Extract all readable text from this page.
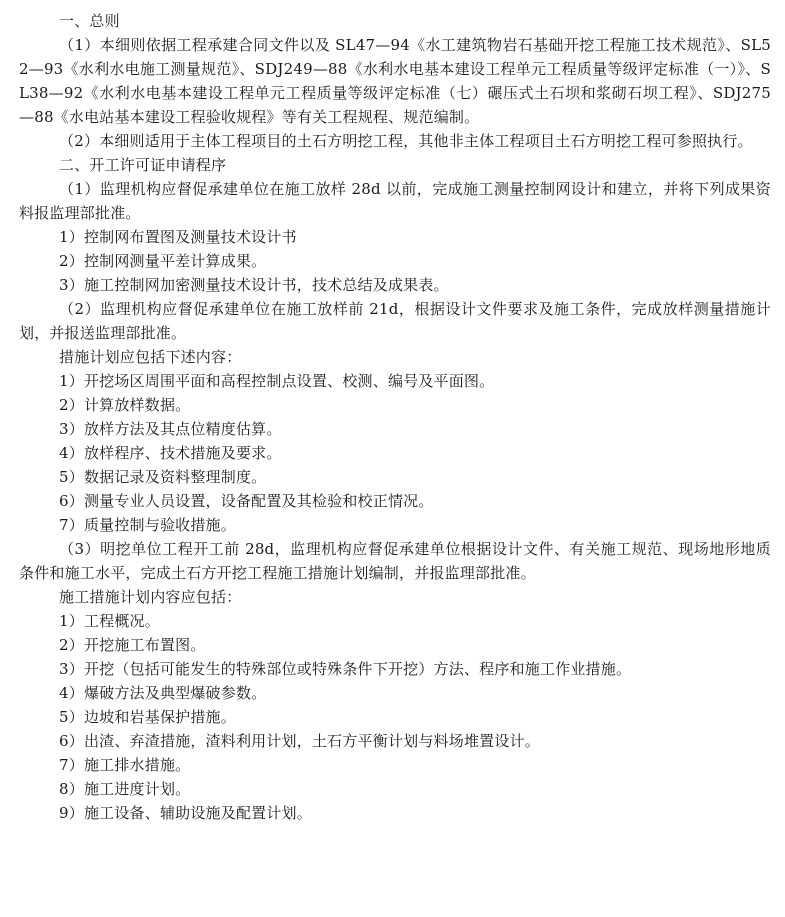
一、总则

（1）本细则依据工程承建合同文件以及 SL47—94《水工建筑物岩石基础开挖工程施工技术规范》、SL52—93《水利水电施工测量规范》、SDJ249—88《水利水电基本建设工程单元工程质量等级评定标准（一）》、SL38—92《水利水电基本建设工程单元工程质量等级评定标准（七）碾压式土石坝和浆砌石坝工程》、SDJ275—88《水电站基本建设工程验收规程》等有关工程规程、规范编制。

（2）本细则适用于主体工程项目的土石方明挖工程，其他非主体工程项目土石方明挖工程可参照执行。

二、开工许可证申请程序

（1）监理机构应督促承建单位在施工放样 28d 以前，完成施工测量控制网设计和建立，并将下列成果资料报监理部批准。

1）控制网布置图及测量技术设计书

2）控制网测量平差计算成果。

3）施工控制网加密测量技术设计书，技术总结及成果表。

（2）监理机构应督促承建单位在施工放样前 21d，根据设计文件要求及施工条件，完成放样测量措施计划，并报送监理部批准。

措施计划应包括下述内容：

1）开挖场区周围平面和高程控制点设置、校测、编号及平面图。

2）计算放样数据。

3）放样方法及其点位精度估算。

4）放样程序、技术措施及要求。

5）数据记录及资料整理制度。

6）测量专业人员设置，设备配置及其检验和校正情况。

7）质量控制与验收措施。

（3）明挖单位工程开工前 28d，监理机构应督促承建单位根据设计文件、有关施工规范、现场地形地质条件和施工水平，完成土石方开挖工程施工措施计划编制，并报监理部批准。

施工措施计划内容应包括：

1）工程概况。

2）开挖施工布置图。

3）开挖（包括可能发生的特殊部位或特殊条件下开挖）方法、程序和施工作业措施。

4）爆破方法及典型爆破参数。

5）边坡和岩基保护措施。

6）出渣、弃渣措施，渣料利用计划，土石方平衡计划与料场堆置设计。

7）施工排水措施。

8）施工进度计划。

9）施工设备、辅助设施及配置计划。
